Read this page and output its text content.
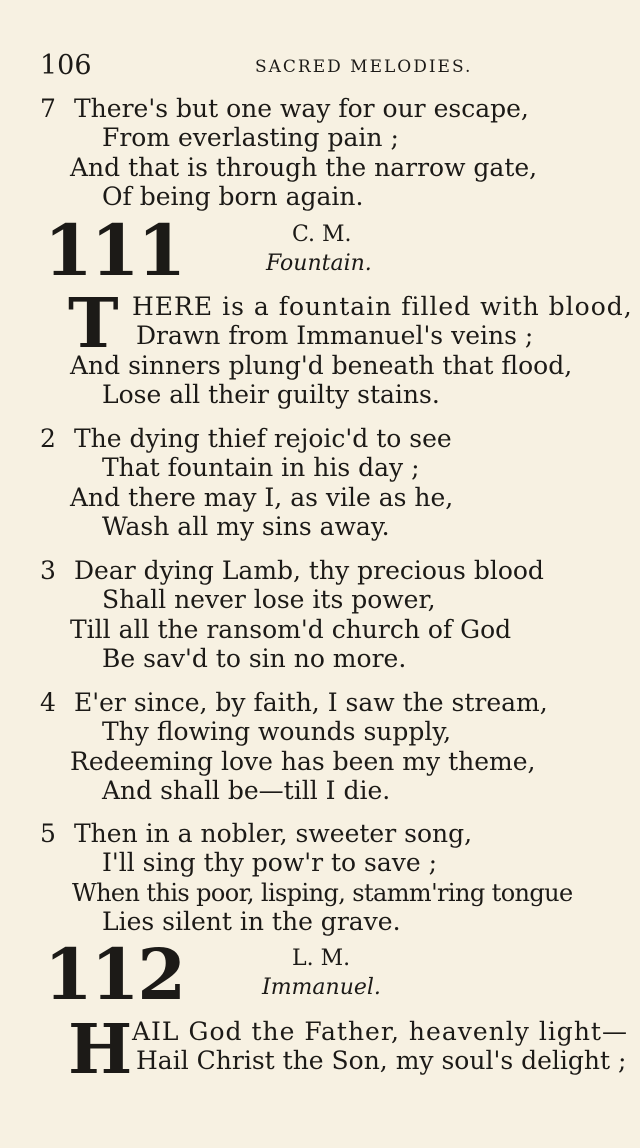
106	SACRED MELODIES.
7 There's but one way for our escape,
From everlasting pain ;
And that is through the narrow gate,
Of being born again.
111	C. M.
Fountain.
T HERE is a fountain filled with blood,
Drawn from Immanuel's veins ;
And sinners plung'd beneath that flood,
Lose all their guilty stains.
2 The dying thief rejoic'd to see
That fountain in his day ;
And there may I, as vile as he,
Wash all my sins away.
3 Dear dying Lamb, thy precious blood
Shall never lose its power,
Till all the ransom'd church of God
Be sav'd to sin no more.
4 E'er since, by faith, I saw the stream,
Thy flowing wounds supply,
Redeeming love has been my theme,
And shall be—till I die.
5 Then in a nobler, sweeter song,
I'll sing thy pow'r to save ;
When this poor, lisping, stamm'ring tongue
Lies silent in the grave.
112	L. M.
Immanuel.
H AIL God the Father, heavenly light—
Hail Christ the Son, my soul's delight ;
